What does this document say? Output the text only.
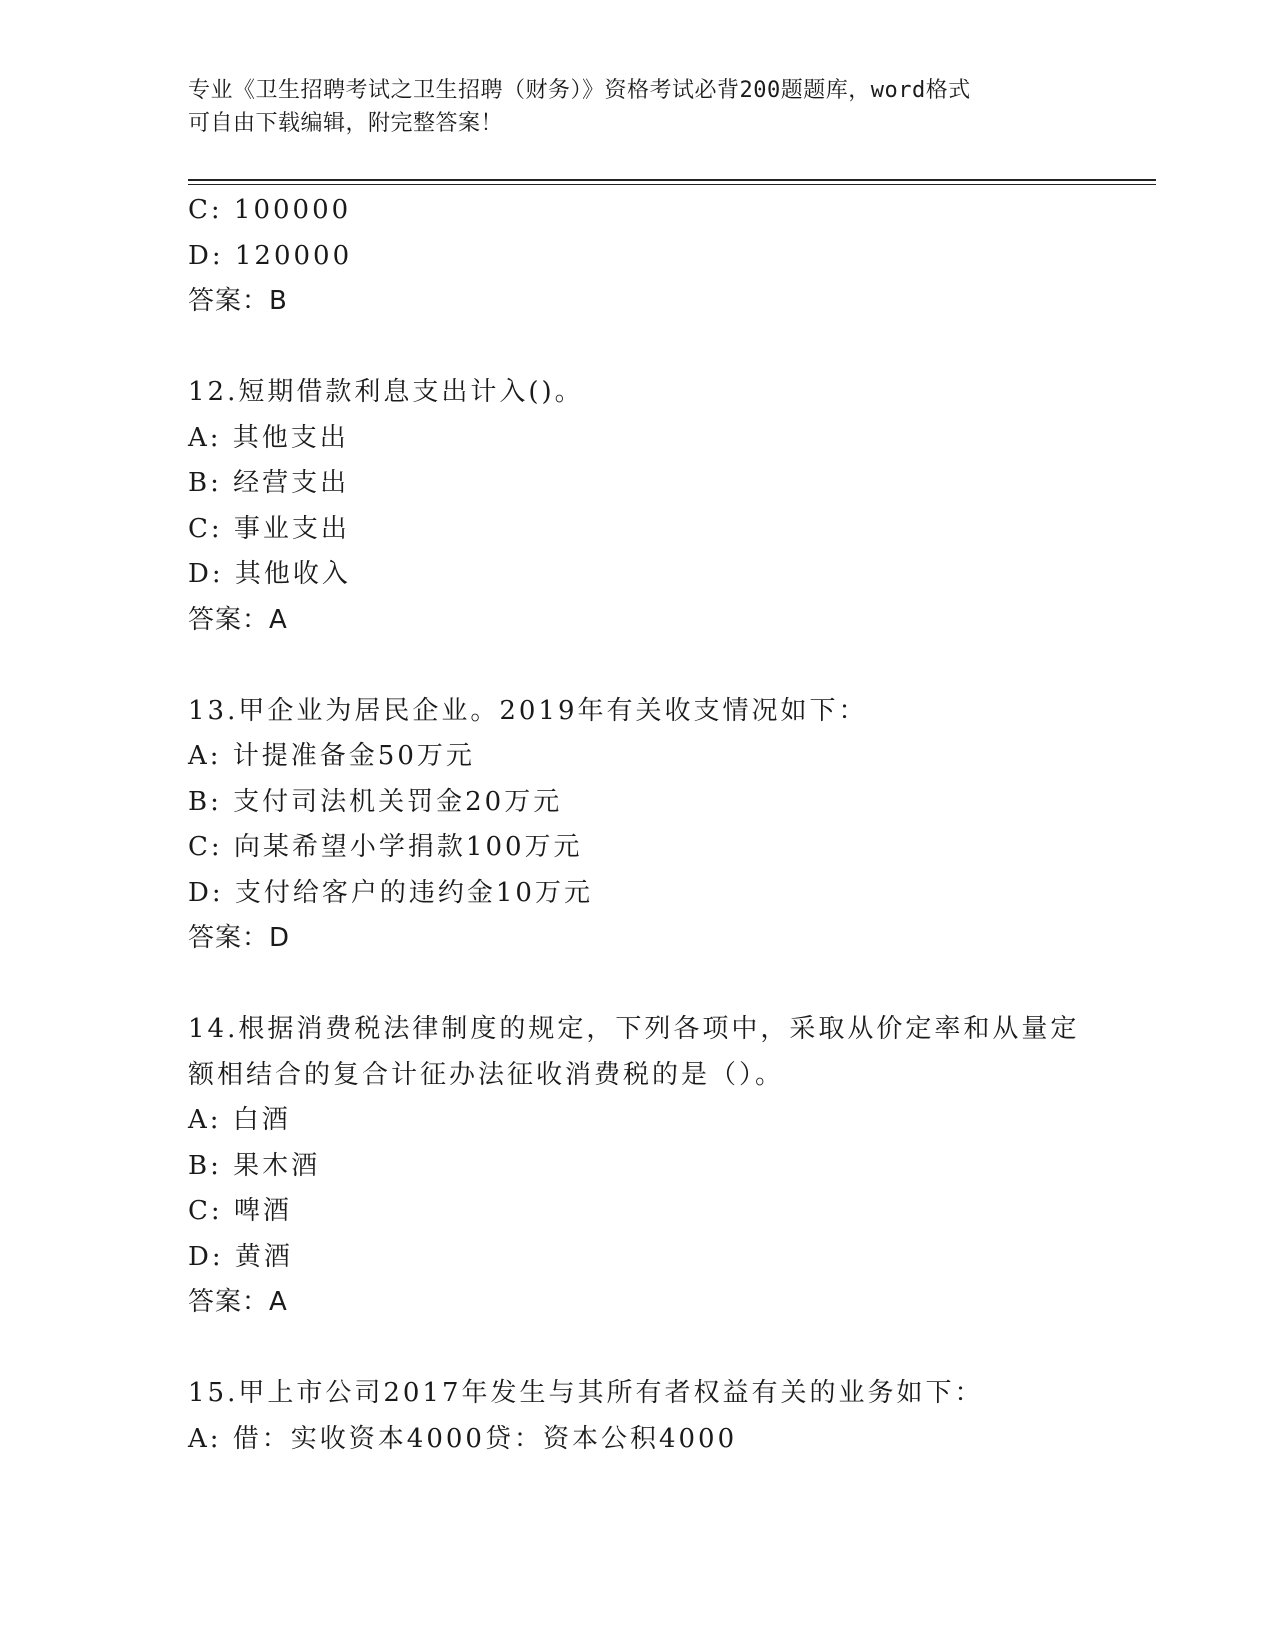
专业《卫生招聘考试之卫生招聘（财务）》资格考试必背200题题库，word格式
可自由下载编辑，附完整答案！
C: 100000
D: 120000
答案：B
12.短期借款利息支出计入()。
A: 其他支出
B: 经营支出
C: 事业支出
D: 其他收入
答案：A
13.甲企业为居民企业。2019年有关收支情况如下：
A: 计提准备金50万元
B: 支付司法机关罚金20万元
C: 向某希望小学捐款100万元
D: 支付给客户的违约金10万元
答案：D
14.根据消费税法律制度的规定，下列各项中，采取从价定率和从量定
额相结合的复合计征办法征收消费税的是（）。
A: 白酒
B: 果木酒
C: 啤酒
D: 黄酒
答案：A
15.甲上市公司2017年发生与其所有者权益有关的业务如下：
A: 借：实收资本4000贷：资本公积4000
